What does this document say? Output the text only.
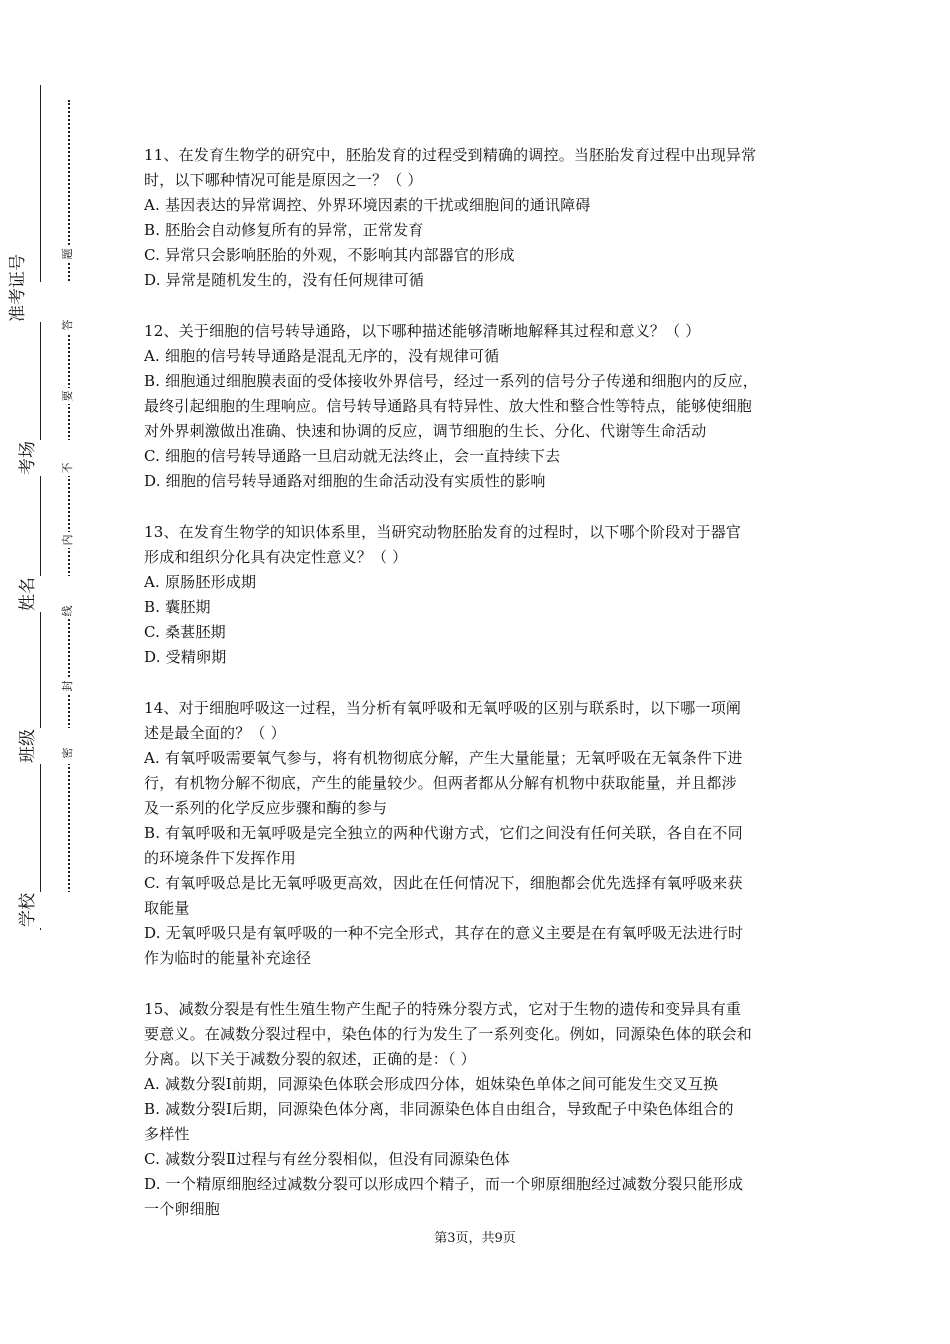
学校
班级
姓名
考场
准考证号
密
封
线
内
不
要
答
题

11、在发育生物学的研究中，胚胎发育的过程受到精确的调控。当胚胎发育过程中出现异常

时，以下哪种情况可能是原因之一？（ ）

A. 基因表达的异常调控、外界环境因素的干扰或细胞间的通讯障碍

B. 胚胎会自动修复所有的异常，正常发育

C. 异常只会影响胚胎的外观，不影响其内部器官的形成

D. 异常是随机发生的，没有任何规律可循

12、关于细胞的信号转导通路，以下哪种描述能够清晰地解释其过程和意义？（ ）

A. 细胞的信号转导通路是混乱无序的，没有规律可循

B. 细胞通过细胞膜表面的受体接收外界信号，经过一系列的信号分子传递和细胞内的反应，

最终引起细胞的生理响应。信号转导通路具有特异性、放大性和整合性等特点，能够使细胞

对外界刺激做出准确、快速和协调的反应，调节细胞的生长、分化、代谢等生命活动

C. 细胞的信号转导通路一旦启动就无法终止，会一直持续下去

D. 细胞的信号转导通路对细胞的生命活动没有实质性的影响

13、在发育生物学的知识体系里，当研究动物胚胎发育的过程时，以下哪个阶段对于器官

形成和组织分化具有决定性意义？（ ）

A. 原肠胚形成期

B. 囊胚期

C. 桑葚胚期

D. 受精卵期

14、对于细胞呼吸这一过程，当分析有氧呼吸和无氧呼吸的区别与联系时，以下哪一项阐

述是最全面的？（ ）

A. 有氧呼吸需要氧气参与，将有机物彻底分解，产生大量能量；无氧呼吸在无氧条件下进

行，有机物分解不彻底，产生的能量较少。但两者都从分解有机物中获取能量，并且都涉

及一系列的化学反应步骤和酶的参与

B. 有氧呼吸和无氧呼吸是完全独立的两种代谢方式，它们之间没有任何关联，各自在不同

的环境条件下发挥作用

C. 有氧呼吸总是比无氧呼吸更高效，因此在任何情况下，细胞都会优先选择有氧呼吸来获

取能量

D. 无氧呼吸只是有氧呼吸的一种不完全形式，其存在的意义主要是在有氧呼吸无法进行时

作为临时的能量补充途径

15、减数分裂是有性生殖生物产生配子的特殊分裂方式，它对于生物的遗传和变异具有重

要意义。在减数分裂过程中，染色体的行为发生了一系列变化。例如，同源染色体的联会和

分离。以下关于减数分裂的叙述，正确的是：（ ）

A. 减数分裂Ⅰ前期，同源染色体联会形成四分体，姐妹染色单体之间可能发生交叉互换

B. 减数分裂Ⅰ后期，同源染色体分离，非同源染色体自由组合，导致配子中染色体组合的

多样性

C. 减数分裂Ⅱ过程与有丝分裂相似，但没有同源染色体

D. 一个精原细胞经过减数分裂可以形成四个精子，而一个卵原细胞经过减数分裂只能形成

一个卵细胞

第3页，共9页
